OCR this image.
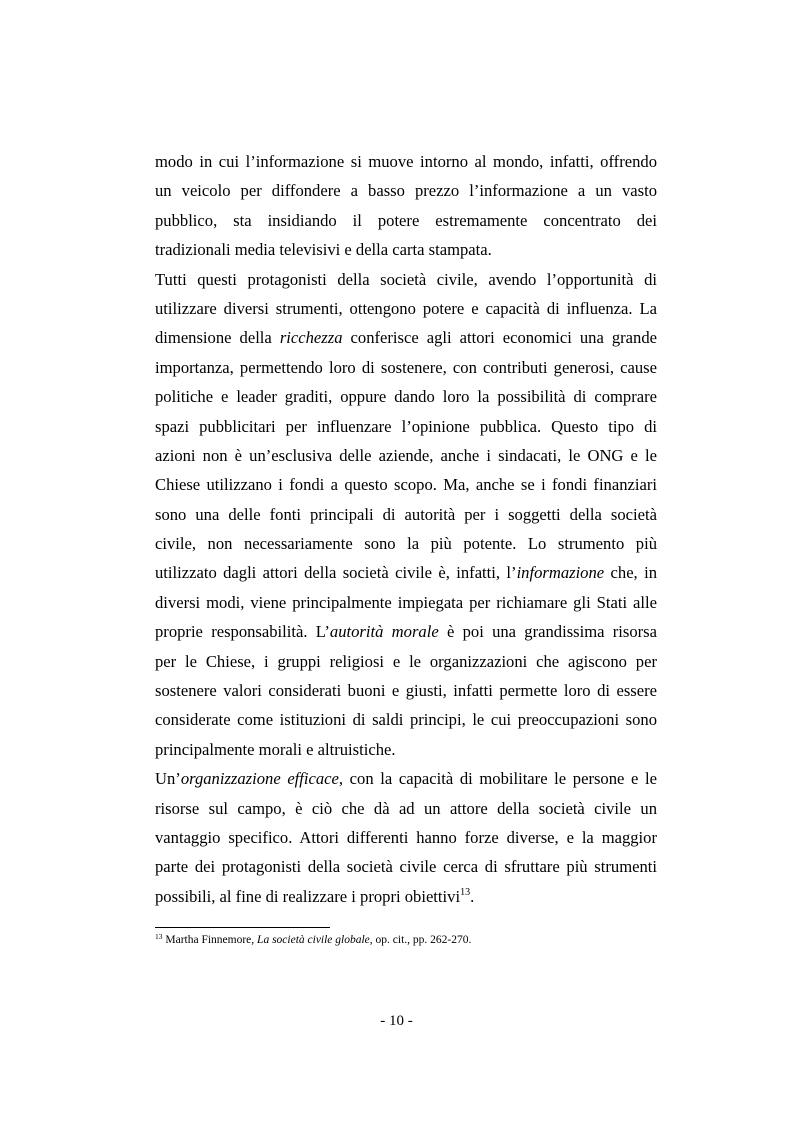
modo in cui l’informazione si muove intorno al mondo, infatti, offrendo
un veicolo per diffondere a basso prezzo l’informazione a un vasto
pubblico, sta insidiando il potere estremamente concentrato dei
tradizionali media televisivi e della carta stampata.
Tutti questi protagonisti della società civile, avendo l’opportunità di
utilizzare diversi strumenti, ottengono potere e capacità di influenza. La
dimensione della ricchezza conferisce agli attori economici una grande
importanza, permettendo loro di sostenere, con contributi generosi, cause
politiche e leader graditi, oppure dando loro la possibilità di comprare
spazi pubblicitari per influenzare l’opinione pubblica. Questo tipo di
azioni non è un’esclusiva delle aziende, anche i sindacati, le ONG e le
Chiese utilizzano i fondi a questo scopo. Ma, anche se i fondi finanziari
sono una delle fonti principali di autorità per i soggetti della società
civile, non necessariamente sono la più potente. Lo strumento più
utilizzato dagli attori della società civile è, infatti, l’informazione che, in
diversi modi, viene principalmente impiegata per richiamare gli Stati alle
proprie responsabilità. L’autorità morale è poi una grandissima risorsa
per le Chiese, i gruppi religiosi e le organizzazioni che agiscono per
sostenere valori considerati buoni e giusti, infatti permette loro di essere
considerate come istituzioni di saldi principi, le cui preoccupazioni sono
principalmente morali e altruistiche.
Un’organizzazione efficace, con la capacità di mobilitare le persone e le
risorse sul campo, è ciò che dà ad un attore della società civile un
vantaggio specifico. Attori differenti hanno forze diverse, e la maggior
parte dei protagonisti della società civile cerca di sfruttare più strumenti
possibili, al fine di realizzare i propri obiettivi$^{13}$.
$^{13}$ Martha Finnemore, La società civile globale, op. cit., pp. 262-270.
- 10 -
